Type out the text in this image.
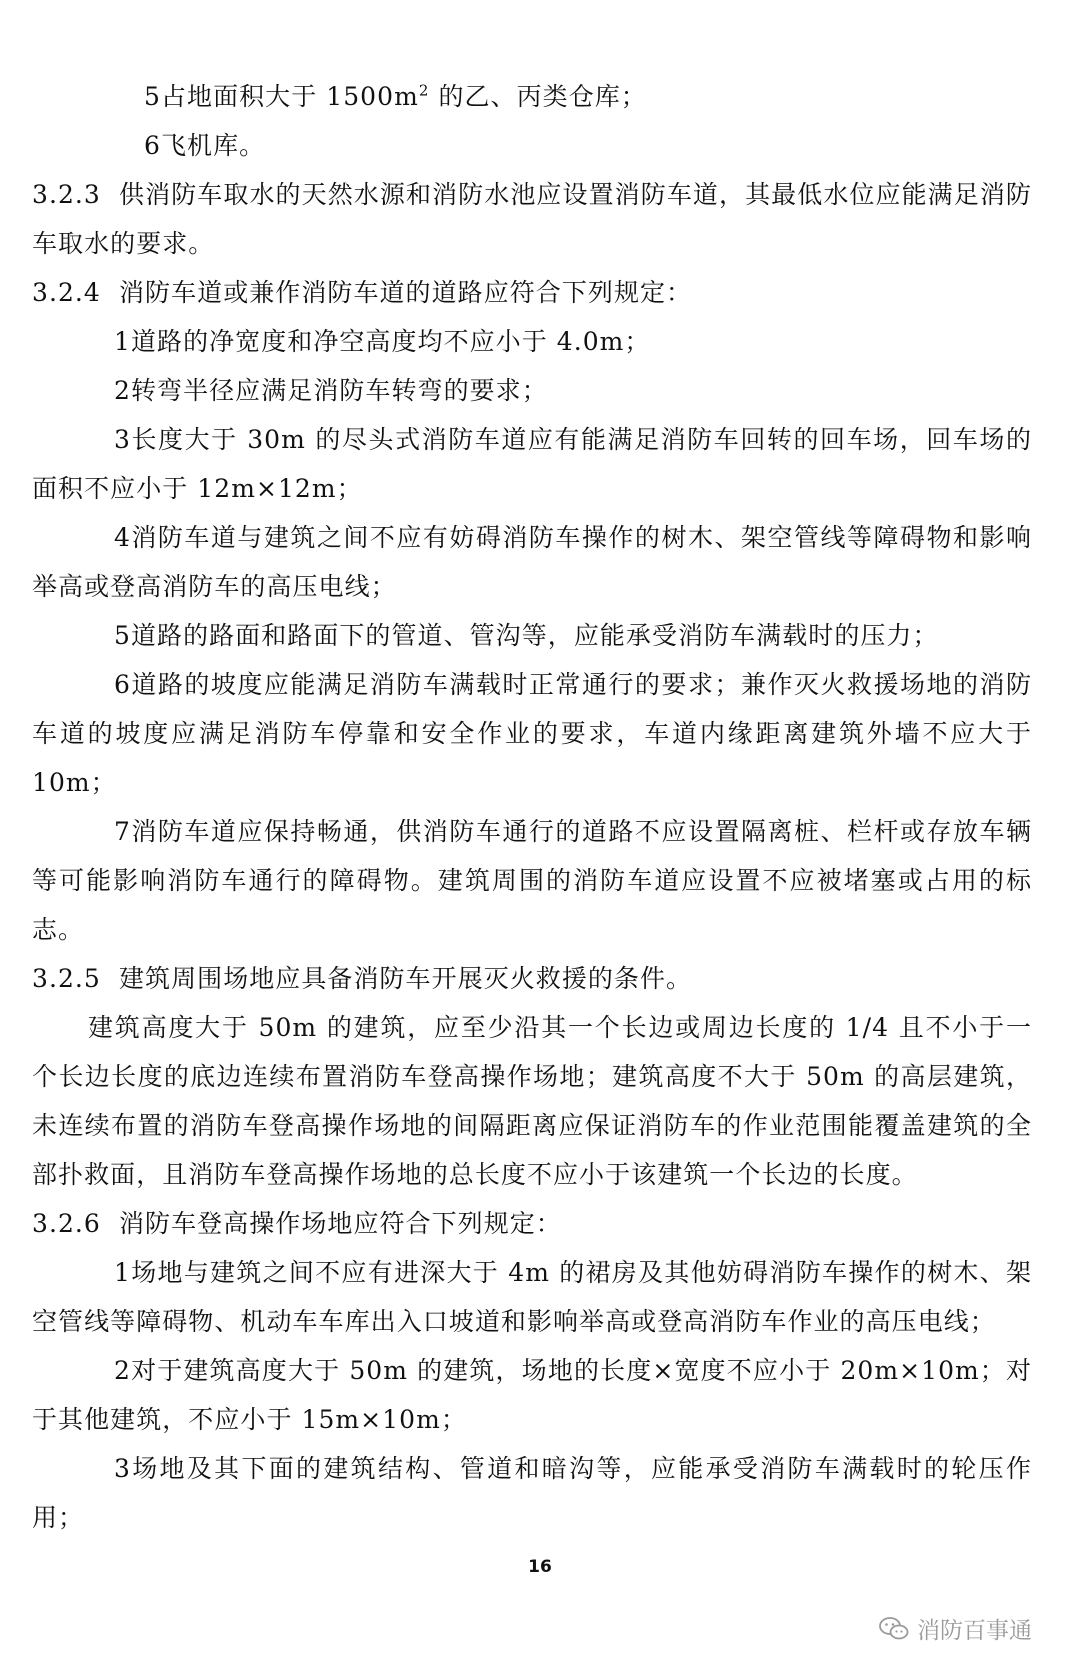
5占地面积大于 $1500m^2$ 的乙、丙类仓库；

6飞机库。

3.2.3 供消防车取水的天然水源和消防水池应设置消防车道，其最低水位应能满足消防车取水的要求。

3.2.4 消防车道或兼作消防车道的道路应符合下列规定：

1道路的净宽度和净空高度均不应小于 4.0m；

2转弯半径应满足消防车转弯的要求；

3长度大于 30m 的尽头式消防车道应有能满足消防车回转的回车场，回车场的面积不应小于 12m×12m；

4消防车道与建筑之间不应有妨碍消防车操作的树木、架空管线等障碍物和影响举高或登高消防车的高压电线；

5道路的路面和路面下的管道、管沟等，应能承受消防车满载时的压力；

6道路的坡度应能满足消防车满载时正常通行的要求；兼作灭火救援场地的消防车道的坡度应满足消防车停靠和安全作业的要求，车道内缘距离建筑外墙不应大于 10m；

7消防车道应保持畅通，供消防车通行的道路不应设置隔离桩、栏杆或存放车辆等可能影响消防车通行的障碍物。建筑周围的消防车道应设置不应被堵塞或占用的标志。

3.2.5 建筑周围场地应具备消防车开展灭火救援的条件。

建筑高度大于 50m 的建筑，应至少沿其一个长边或周边长度的 1/4 且不小于一个长边长度的底边连续布置消防车登高操作场地；建筑高度不大于 50m 的高层建筑，未连续布置的消防车登高操作场地的间隔距离应保证消防车的作业范围能覆盖建筑的全部扑救面，且消防车登高操作场地的总长度不应小于该建筑一个长边的长度。

3.2.6 消防车登高操作场地应符合下列规定：

1场地与建筑之间不应有进深大于 4m 的裙房及其他妨碍消防车操作的树木、架空管线等障碍物、机动车车库出入口坡道和影响举高或登高消防车作业的高压电线；

2对于建筑高度大于 50m 的建筑，场地的长度×宽度不应小于 20m×10m；对于其他建筑，不应小于 15m×10m；

3场地及其下面的建筑结构、管道和暗沟等，应能承受消防车满载时的轮压作用；

16
消防百事通
